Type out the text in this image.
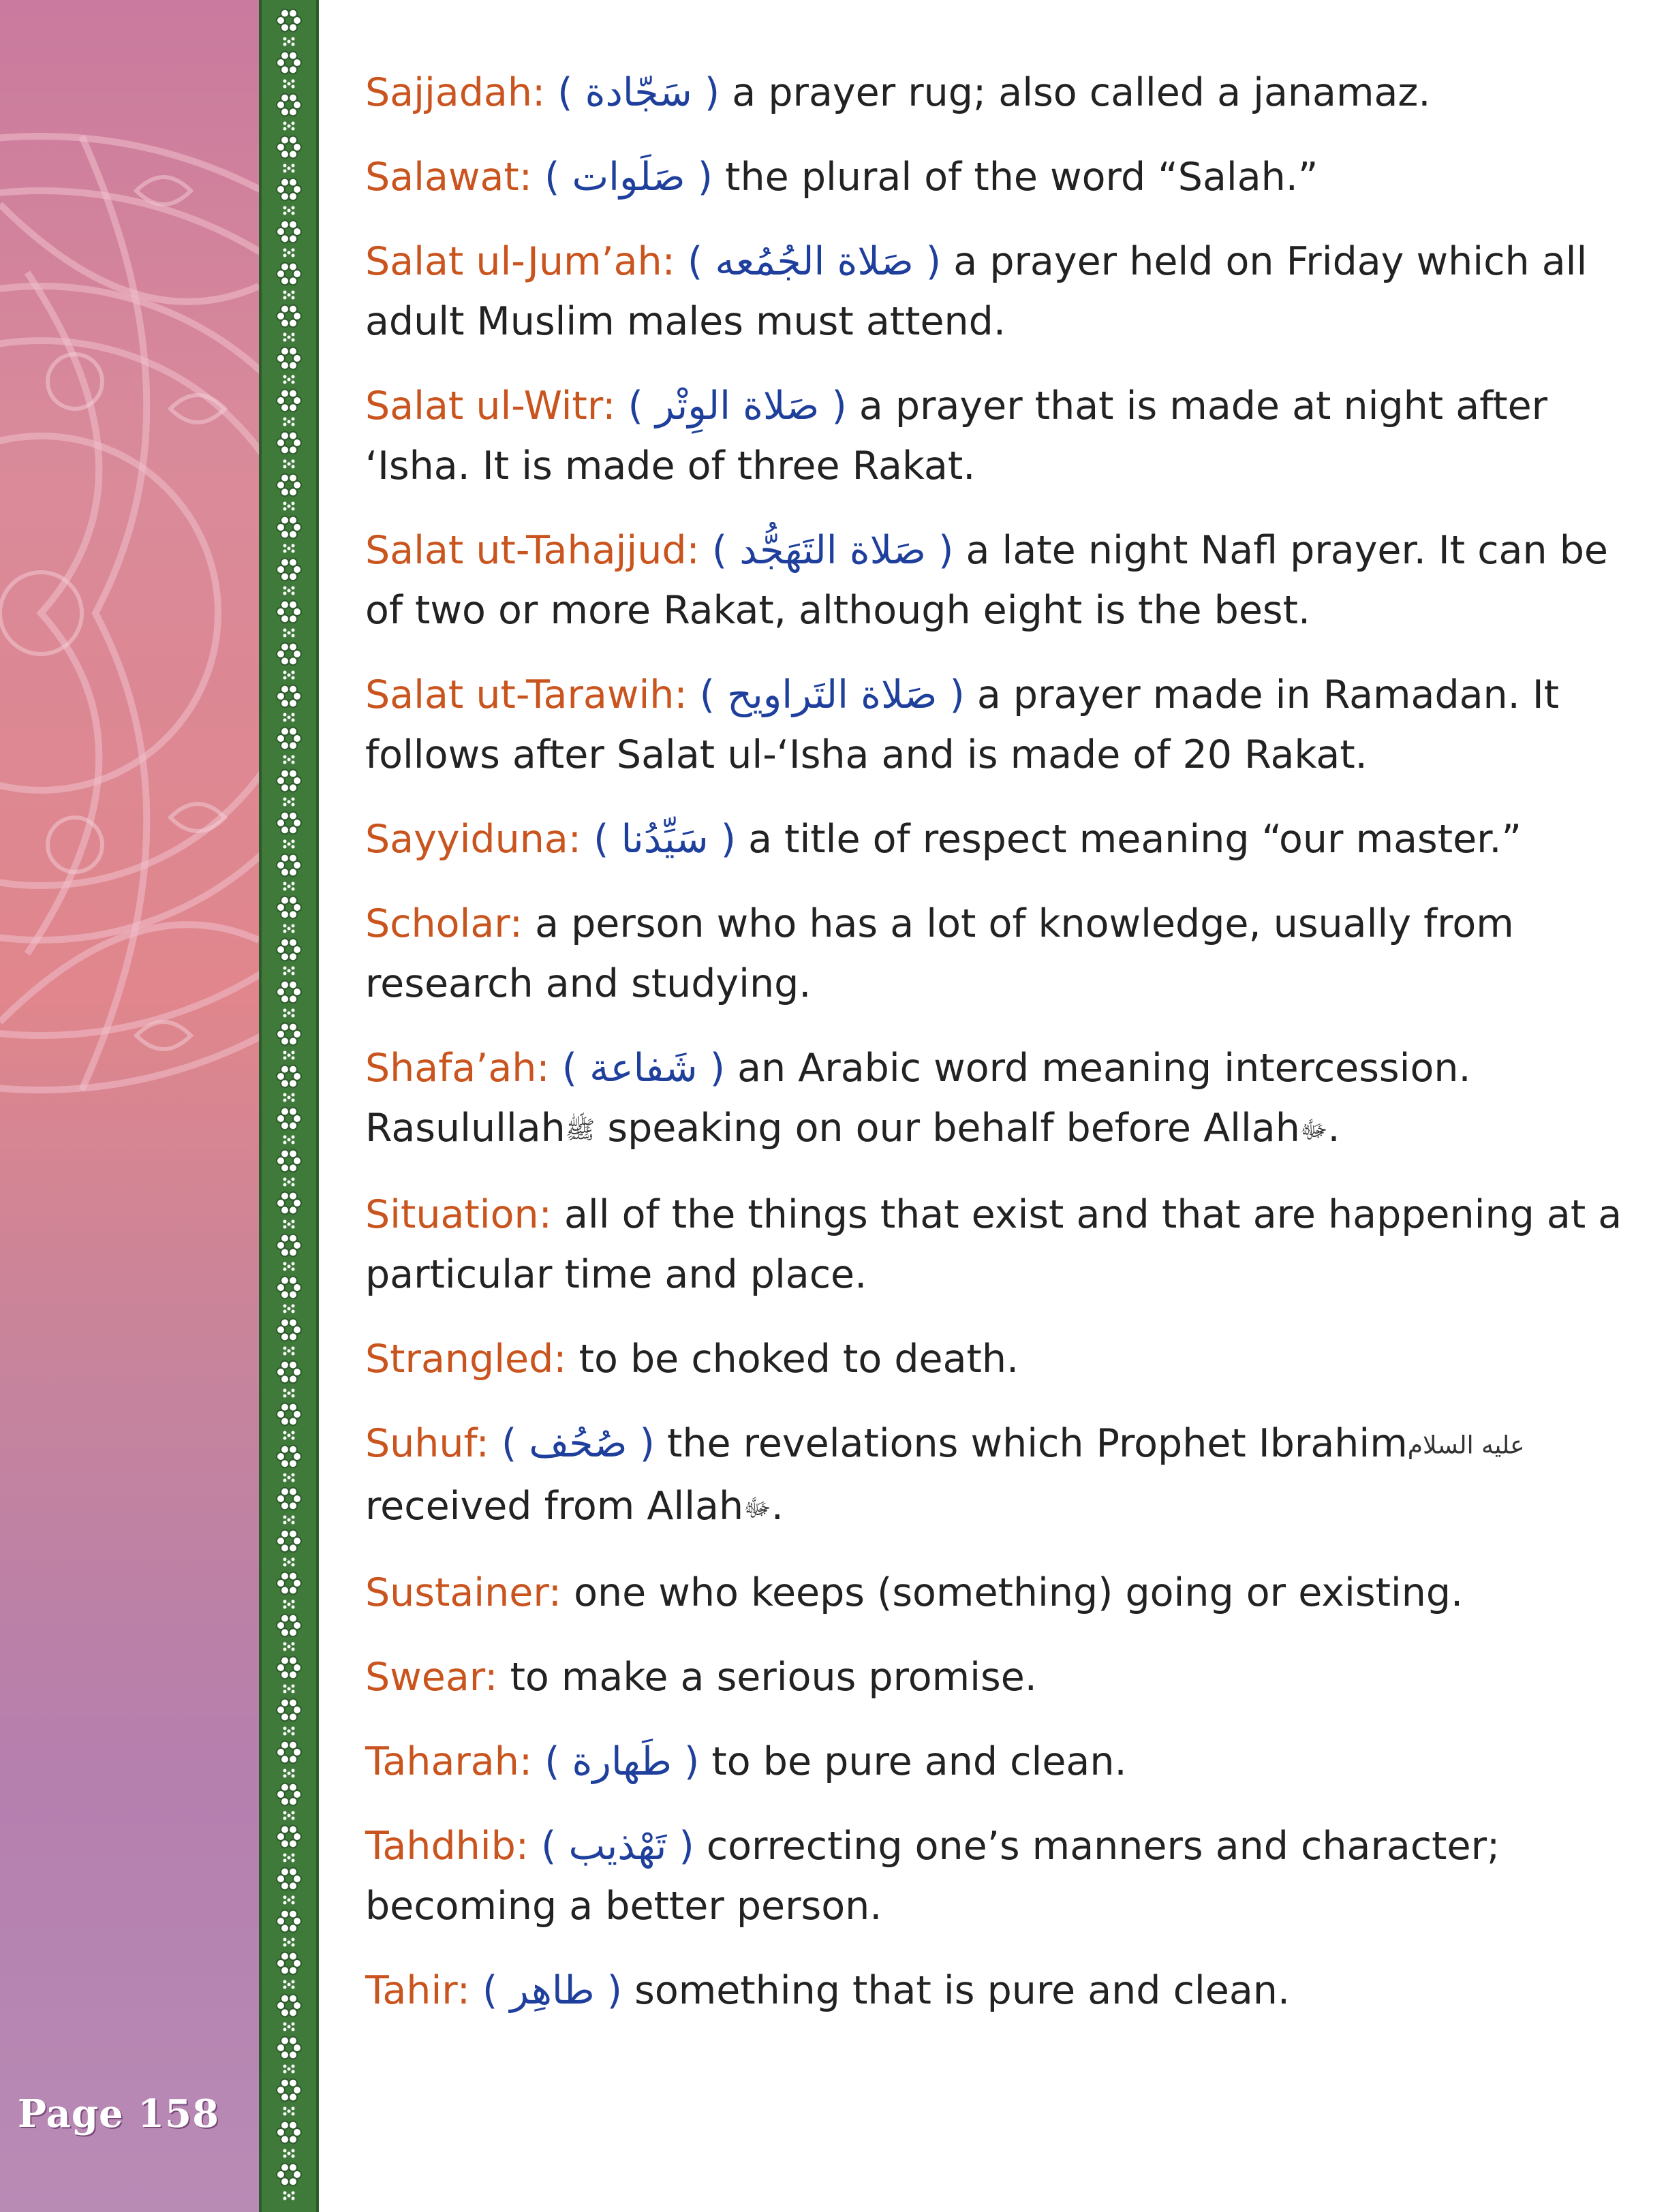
Page 158
Sajjadah: ( سَجّادة ) a prayer rug; also called a janamaz.
Salawat: ( صَلَوات ) the plural of the word “Salah.”
Salat ul-Jum’ah: ( صَلاة الجُمُعه ) a prayer held on Friday which all adult Muslim males must attend.
Salat ul-Witr: ( صَلاة الوِتْر ) a prayer that is made at night after ‘Isha. It is made of three Rakat.
Salat ut-Tahajjud: ( صَلاة التَهَجُّد ) a late night Nafl prayer. It can be of two or more Rakat, although eight is the best.
Salat ut-Tarawih: ( صَلاة التَراويح ) a prayer made in Ramadan. It follows after Salat ul-‘Isha and is made of 20 Rakat.
Sayyiduna: ( سَيِّدُنا ) a title of respect meaning “our master.”
Scholar: a person who has a lot of knowledge, usually from research and studying.
Shafa’ah: ( شَفاعة ) an Arabic word meaning intercession. Rasulullahﷺ speaking on our behalf before Allahﷻ.
Situation: all of the things that exist and that are happening at a particular time and place.
Strangled: to be choked to death.
Suhuf: ( صُحُف ) the revelations which Prophet Ibrahimعليه السلام received from Allahﷻ.
Sustainer: one who keeps (something) going or existing.
Swear: to make a serious promise.
Taharah: ( طَهارة ) to be pure and clean.
Tahdhib: ( تَهْذيب ) correcting one’s manners and character; becoming a better person.
Tahir: ( طاهِر ) something that is pure and clean.
